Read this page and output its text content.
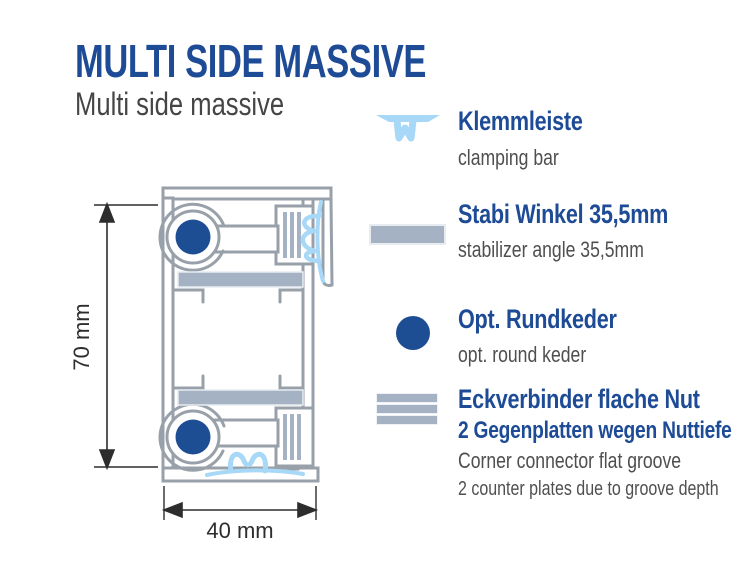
MULTI SIDE MASSIVE
Multi side massive
70 mm
40 mm
Klemmleiste
clamping bar
Stabi Winkel 35,5mm
stabilizer angle 35,5mm
Opt. Rundkeder
opt. round keder
Eckverbinder flache Nut
2 Gegenplatten wegen Nuttiefe
Corner connector flat groove
2 counter plates due to groove depth
